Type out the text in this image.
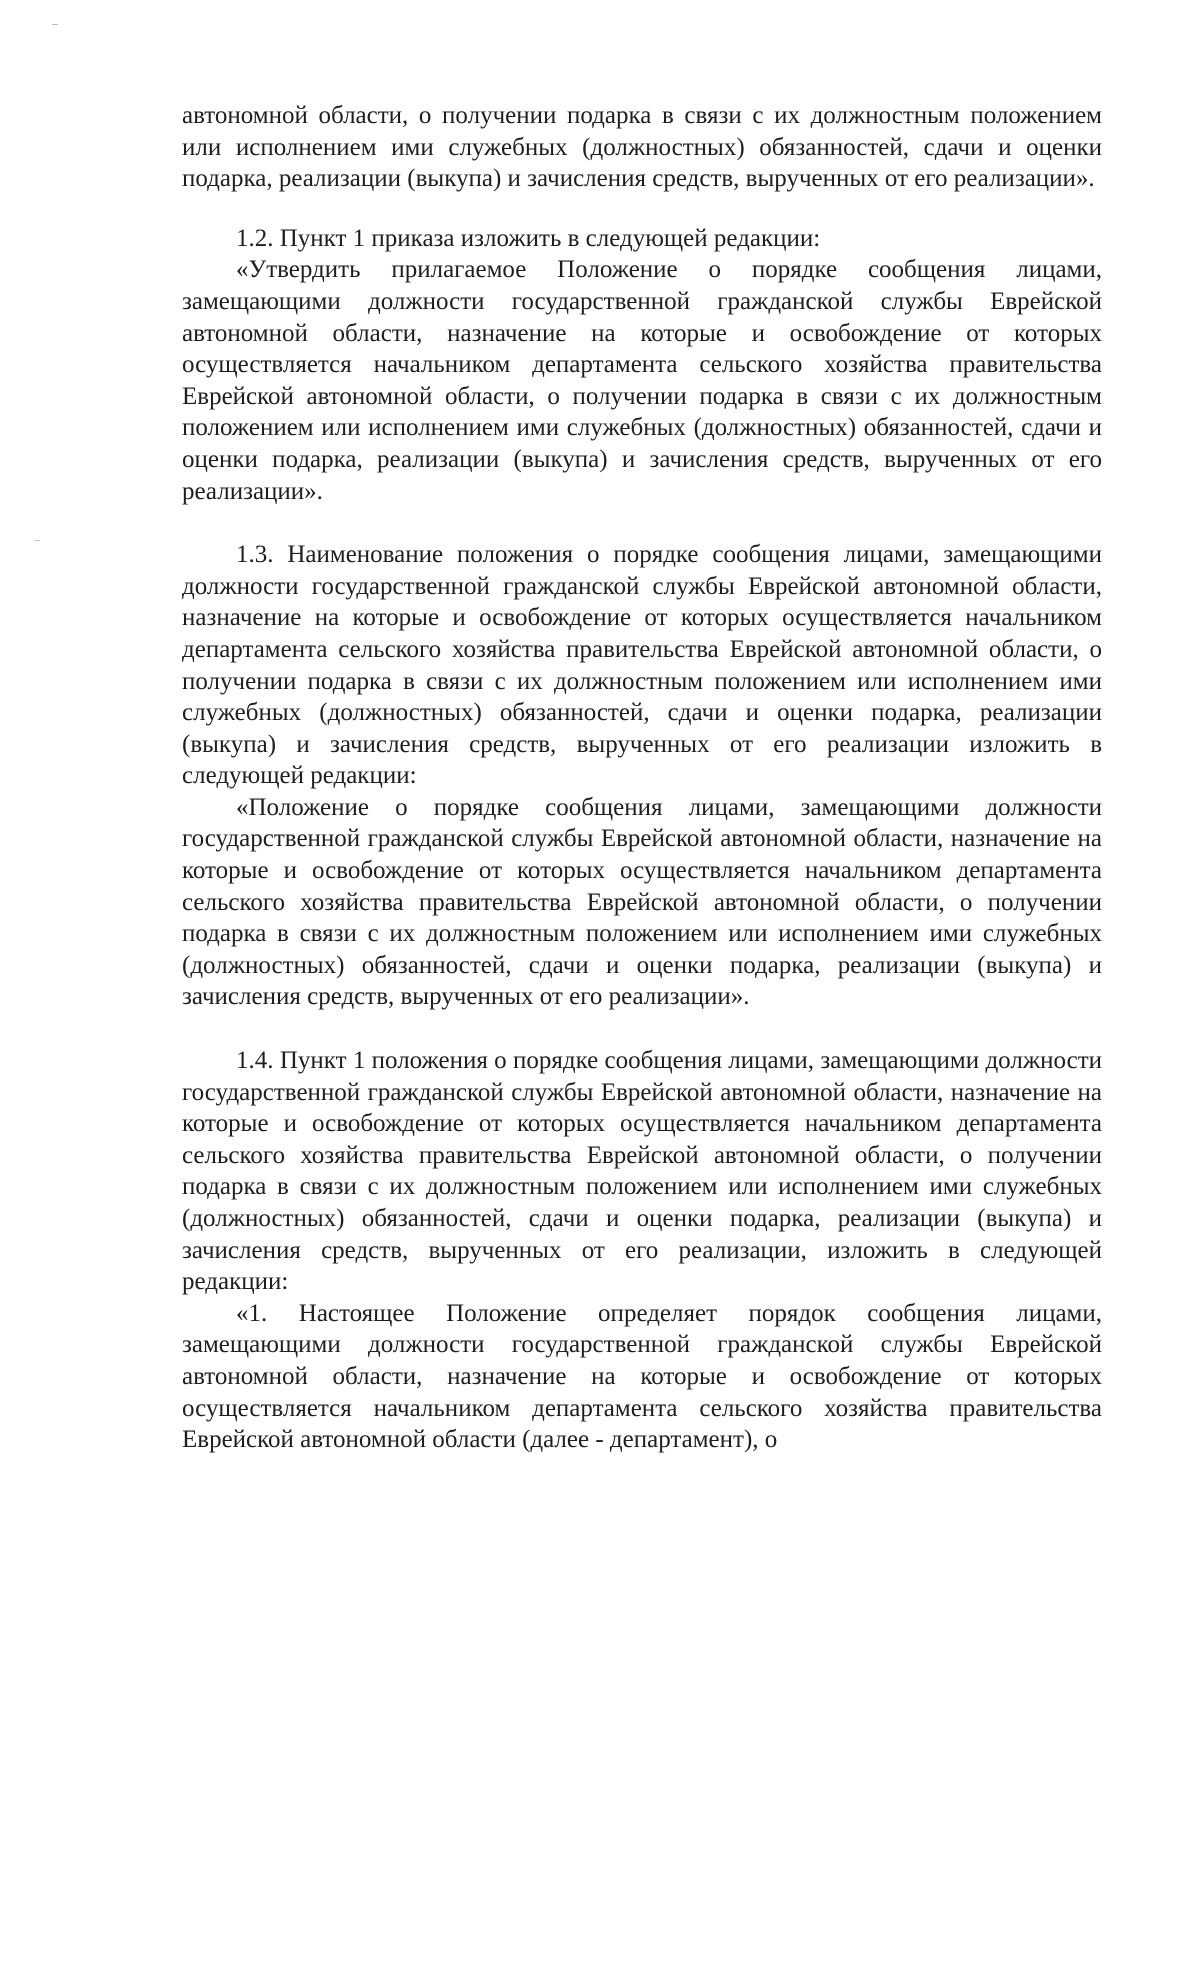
автономной области, о получении подарка в связи с их должностным положением или исполнением ими служебных (должностных) обязанностей, сдачи и оценки подарка, реализации (выкупа) и зачисления средств, вырученных от его реализации».

1.2. Пункт 1 приказа изложить в следующей редакции:

«Утвердить прилагаемое Положение о порядке сообщения лицами, замещающими должности государственной гражданской службы Еврейской автономной области, назначение на которые и освобождение от которых осуществляется начальником департамента сельского хозяйства правительства Еврейской автономной области, о получении подарка в связи с их должностным положением или исполнением ими служебных (должностных) обязанностей, сдачи и оценки подарка, реализации (выкупа) и зачисления средств, вырученных от его реализации».

1.3. Наименование положения о порядке сообщения лицами, замещающими должности государственной гражданской службы Еврейской автономной области, назначение на которые и освобождение от которых осуществляется начальником департамента сельского хозяйства правительства Еврейской автономной области, о получении подарка в связи с их должностным положением или исполнением ими служебных (должностных) обязанностей, сдачи и оценки подарка, реализации (выкупа) и зачисления средств, вырученных от его реализации изложить в следующей редакции:

«Положение о порядке сообщения лицами, замещающими должности государственной гражданской службы Еврейской автономной области, назначение на которые и освобождение от которых осуществляется начальником департамента сельского хозяйства правительства Еврейской автономной области, о получении подарка в связи с их должностным положением или исполнением ими служебных (должностных) обязанностей, сдачи и оценки подарка, реализации (выкупа) и зачисления средств, вырученных от его реализации».

1.4. Пункт 1 положения о порядке сообщения лицами, замещающими должности государственной гражданской службы Еврейской автономной области, назначение на которые и освобождение от которых осуществляется начальником департамента сельского хозяйства правительства Еврейской автономной области, о получении подарка в связи с их должностным положением или исполнением ими служебных (должностных) обязанностей, сдачи и оценки подарка, реализации (выкупа) и зачисления средств, вырученных от его реализации, изложить в следующей редакции:

«1. Настоящее Положение определяет порядок сообщения лицами, замещающими должности государственной гражданской службы Еврейской автономной области, назначение на которые и освобождение от которых осуществляется начальником департамента сельского хозяйства правительства Еврейской автономной области (далее - департамент), о
